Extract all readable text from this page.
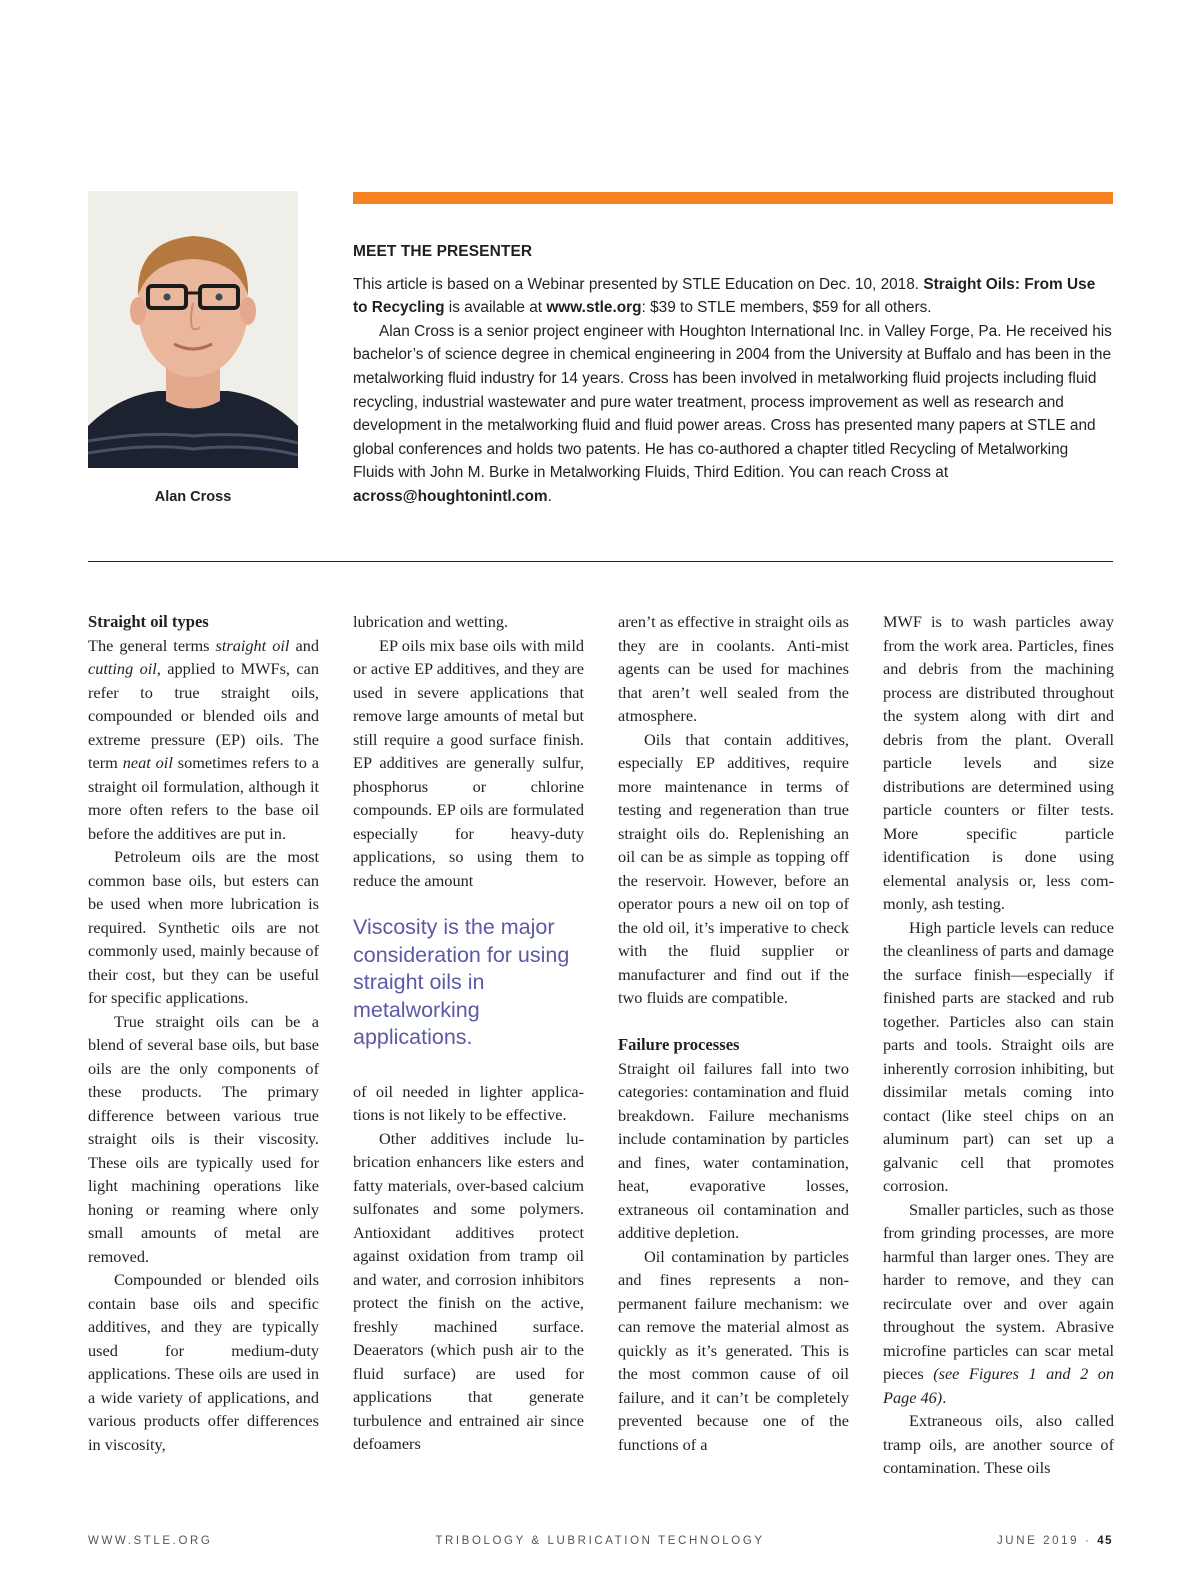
Alan Cross
MEET THE PRESENTER

This article is based on a Webinar presented by STLE Education on Dec. 10, 2018. Straight Oils: From Use to Recycling is available at www.stle.org: $39 to STLE members, $59 for all others.

Alan Cross is a senior project engineer with Houghton International Inc. in Valley Forge, Pa. He received his bachelor’s of science degree in chemical engineering in 2004 from the University at Buffalo and has been in the metalworking fluid industry for 14 years. Cross has been involved in metalworking fluid projects including fluid recycling, industrial wastewater and pure water treatment, process improvement as well as research and development in the metalworking fluid and fluid power areas. Cross has presented many papers at STLE and global conferences and holds two patents. He has co-authored a chapter titled Recycling of Metalworking Fluids with John M. Burke in Metalworking Fluids, Third Edition. You can reach Cross at across@houghtonintl.com.

Straight oil types

The general terms straight oil and cutting oil, applied to MWFs, can refer to true straight oils, compounded or blended oils and extreme pressure (EP) oils. The term neat oil sometimes refers to a straight oil formulation, although it more often refers to the base oil before the additives are put in.

Petroleum oils are the most common base oils, but esters can be used when more lubrication is required. Synthetic oils are not commonly used, mainly because of their cost, but they can be useful for specific applications.

True straight oils can be a blend of several base oils, but base oils are the only components of these products. The primary difference between various true straight oils is their viscosity. These oils are typically used for light machining operations like honing or reaming where only small amounts of metal are removed.

Compounded or blended oils contain base oils and specific additives, and they are typically used for medium-duty applications. These oils are used in a wide variety of applications, and various products offer differences in viscosity,

lubrication and wetting.

EP oils mix base oils with mild or active EP additives, and they are used in severe applications that remove large amounts of metal but still require a good surface finish. EP additives are generally sulfur, phosphorus or chlorine compounds. EP oils are formulated especially for heavy-duty applications, so using them to reduce the amount

Viscosity is the major consideration for using straight oils in metalworking applications.

of oil needed in lighter applications is not likely to be effective.

Other additives include lubrication enhancers like esters and fatty materials, over-based calcium sulfonates and some polymers. Antioxidant additives protect against oxidation from tramp oil and water, and corrosion inhibitors protect the finish on the active, freshly machined surface. Deaerators (which push air to the fluid surface) are used for applications that generate turbulence and entrained air since defoamers

aren’t as effective in straight oils as they are in coolants. Anti-mist agents can be used for machines that aren’t well sealed from the atmosphere.

Oils that contain additives, especially EP additives, require more maintenance in terms of testing and regeneration than true straight oils do. Replenishing an oil can be as simple as topping off the reservoir. However, before an operator pours a new oil on top of the old oil, it’s imperative to check with the fluid supplier or manufacturer and find out if the two fluids are compatible.

Failure processes

Straight oil failures fall into two categories: contamination and fluid breakdown. Failure mechanisms include contamination by particles and fines, water contamination, heat, evaporative losses, extraneous oil contamination and additive depletion.

Oil contamination by particles and fines represents a non-permanent failure mechanism: we can remove the material almost as quickly as it’s generated. This is the most common cause of oil failure, and it can’t be completely prevented because one of the functions of a

MWF is to wash particles away from the work area. Particles, fines and debris from the machining process are distributed throughout the system along with dirt and debris from the plant. Overall particle levels and size distributions are determined using particle counters or filter tests. More specific particle identification is done using elemental analysis or, less commonly, ash testing.

High particle levels can reduce the cleanliness of parts and damage the surface finish—especially if finished parts are stacked and rub together. Particles also can stain parts and tools. Straight oils are inherently corrosion inhibiting, but dissimilar metals coming into contact (like steel chips on an aluminum part) can set up a galvanic cell that promotes corrosion.

Smaller particles, such as those from grinding processes, are more harmful than larger ones. They are harder to remove, and they can recirculate over and over again throughout the system. Abrasive microfine particles can scar metal pieces (see Figures 1 and 2 on Page 46).

Extraneous oils, also called tramp oils, are another source of contamination. These oils

WWW.STLE.ORG	TRIBOLOGY & LUBRICATION TECHNOLOGY	JUNE 2019 · 45
